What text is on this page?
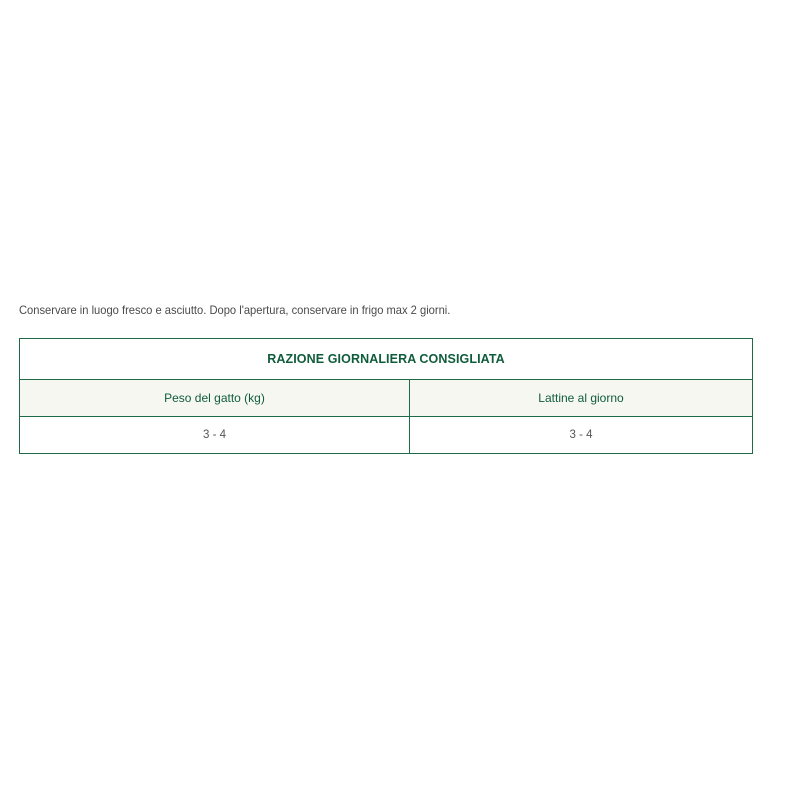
Conservare in luogo fresco e asciutto. Dopo l'apertura, conservare in frigo max 2 giorni.

RAZIONE GIORNALIERA CONSIGLIATA	
Peso del gatto (kg)	Lattine al giorno
3 - 4	3 - 4
